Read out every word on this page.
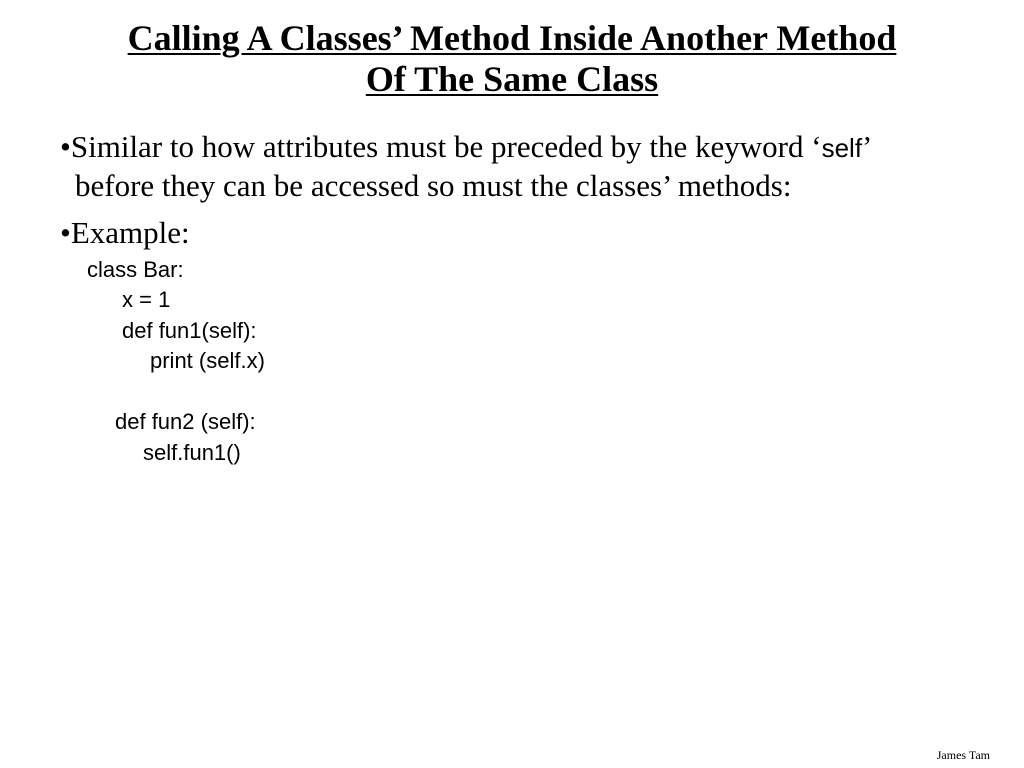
Calling A Classes’ Method Inside Another Method
Of The Same Class

•Similar to how attributes must be preceded by the keyword ‘self’
before they can be accessed so must the classes’ methods:

•Example:

class Bar:
x = 1
def fun1(self):
print (self.x)
def fun2 (self):
self.fun1()
James Tam
